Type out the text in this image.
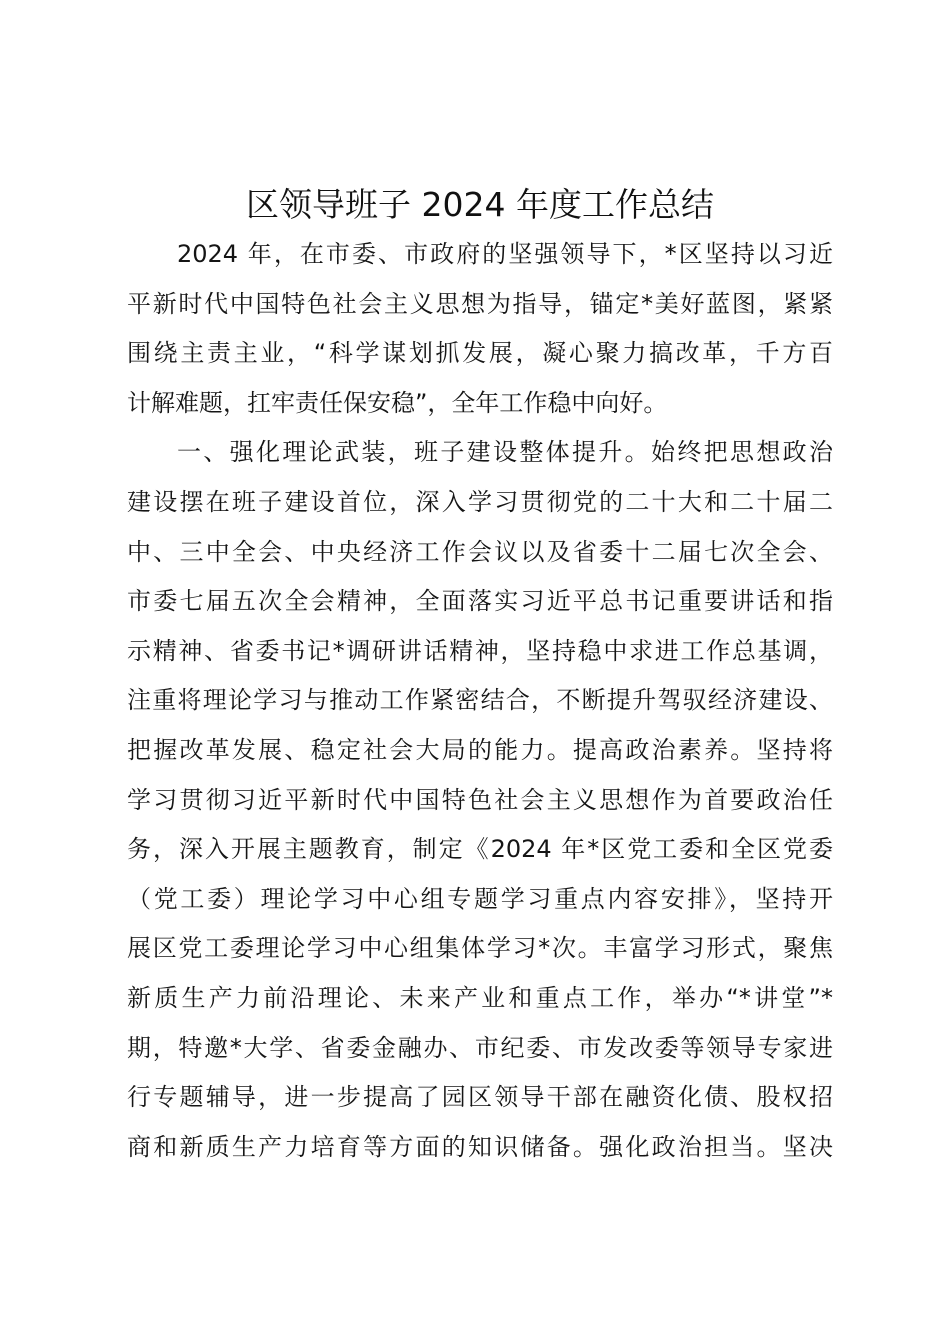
区领导班子 2024 年度工作总结
2024 年，在市委、市政府的坚强领导下，*区坚持以习近
平新时代中国特色社会主义思想为指导，锚定*美好蓝图，紧紧
围绕主责主业，“科学谋划抓发展，凝心聚力搞改革，千方百
计解难题，扛牢责任保安稳”，全年工作稳中向好。
一、强化理论武装，班子建设整体提升。始终把思想政治
建设摆在班子建设首位，深入学习贯彻党的二十大和二十届二
中、三中全会、中央经济工作会议以及省委十二届七次全会、
市委七届五次全会精神，全面落实习近平总书记重要讲话和指
示精神、省委书记*调研讲话精神，坚持稳中求进工作总基调，
注重将理论学习与推动工作紧密结合，不断提升驾驭经济建设、
把握改革发展、稳定社会大局的能力。提高政治素养。坚持将
学习贯彻习近平新时代中国特色社会主义思想作为首要政治任
务，深入开展主题教育，制定《2024 年*区党工委和全区党委
（党工委）理论学习中心组专题学习重点内容安排》，坚持开
展区党工委理论学习中心组集体学习*次。丰富学习形式，聚焦
新质生产力前沿理论、未来产业和重点工作，举办“*讲堂”*
期，特邀*大学、省委金融办、市纪委、市发改委等领导专家进
行专题辅导，进一步提高了园区领导干部在融资化债、股权招
商和新质生产力培育等方面的知识储备。强化政治担当。坚决
